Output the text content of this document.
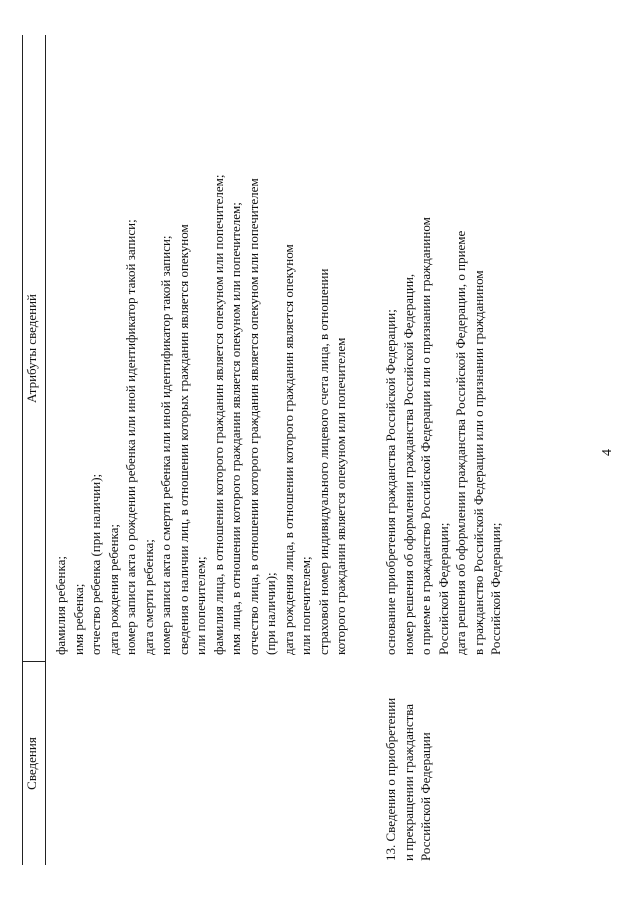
4
Сведения
Атрибуты сведений
фамилия ребенка; имя ребенка; отчество ребенка (при наличии); дата рождения ребенка; номер записи акта о рождении ребенка или иной идентификатор такой записи; дата смерти ребенка; номер записи акта о смерти ребенка или иной идентификатор такой записи; сведения о наличии лиц, в отношении которых гражданин является опекуном или попечителем; фамилия лица, в отношении которого гражданин является опекуном или попечителем; имя лица, в отношении которого гражданин является опекуном или попечителем; отчество лица, в отношении которого гражданин является опекуном или попечителем (при наличии); дата рождения лица, в отношении которого гражданин является опекуном или попечителем; страховой номер индивидуального лицевого счета лица, в отношении которого гражданин является опекуном или попечителем
13. Сведения о приобретении и прекращении гражданства Российской Федерации
основание приобретения гражданства Российской Федерации; номер решения об оформлении гражданства Российской Федерации, о приеме в гражданство Российской Федерации или о признании гражданином Российской Федерации; дата решения об оформлении гражданства Российской Федерации, о приеме в гражданство Российской Федерации или о признании гражданином Российской Федерации;
